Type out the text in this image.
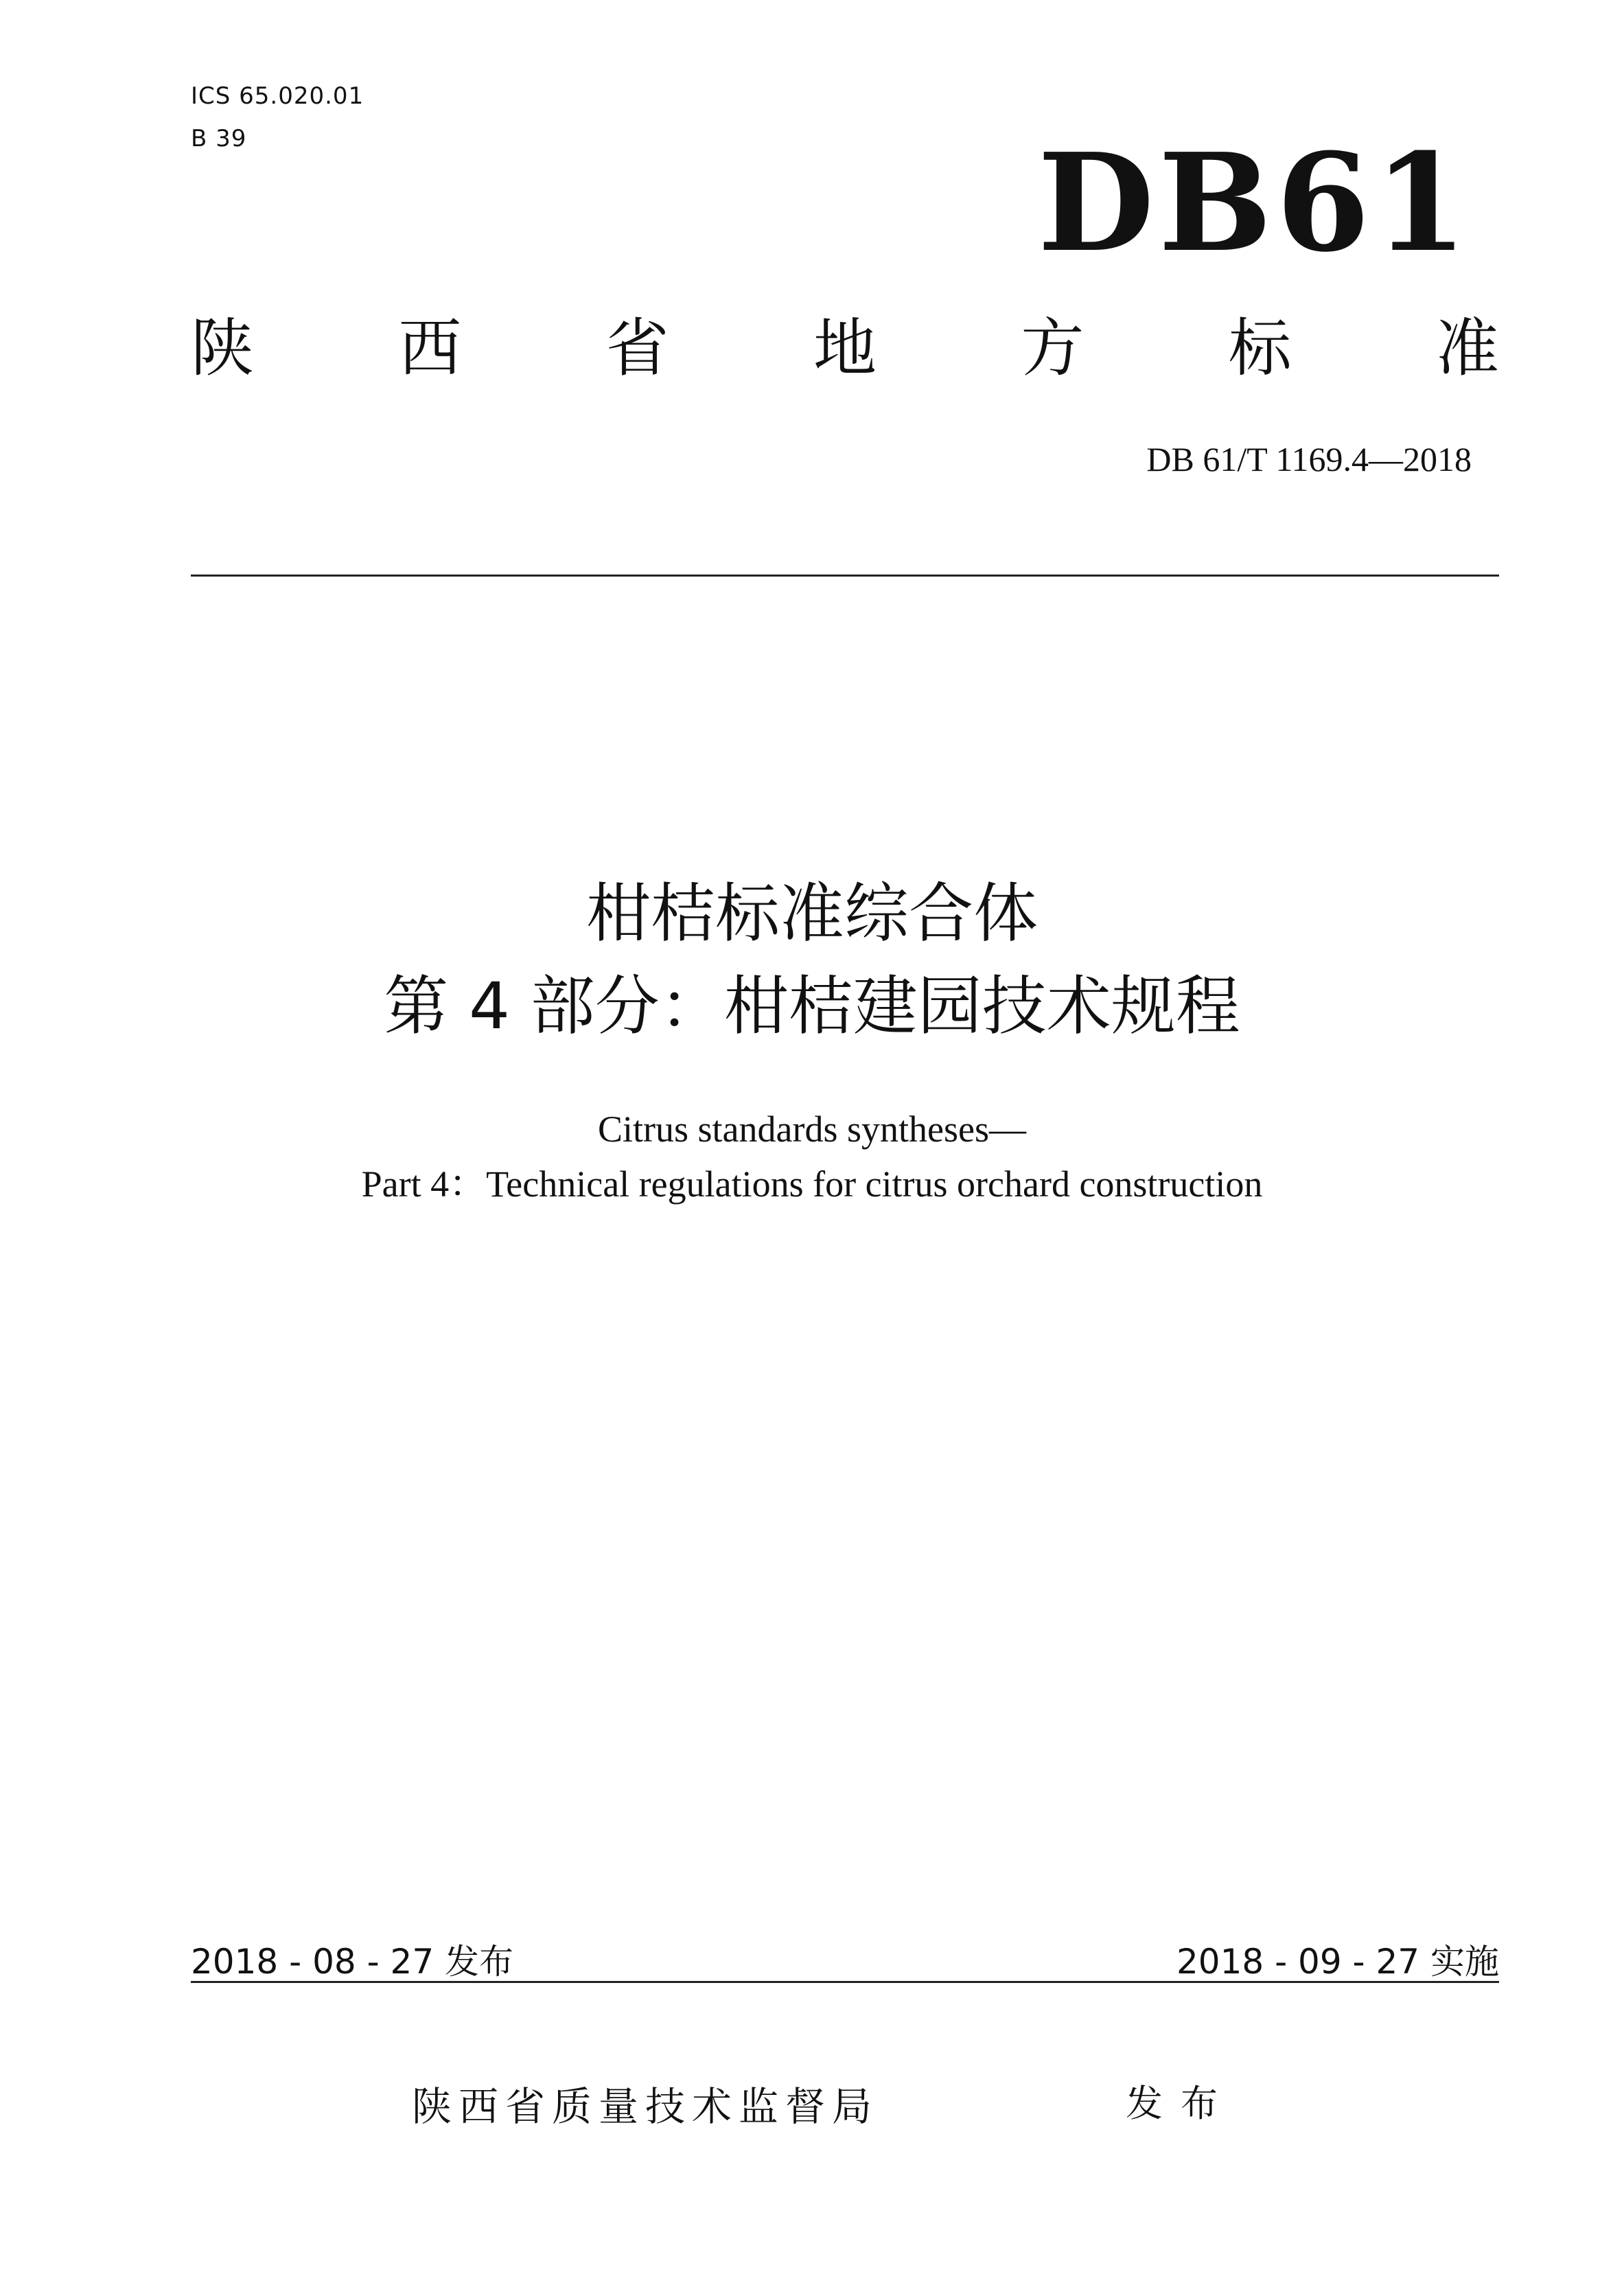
ICS 65.020.01
B 39	DB61
陕 西 省 地 方 标 准
DB 61/T 1169.4—2018
柑桔标准综合体
第 4 部分：柑桔建园技术规程
Citrus standards syntheses—
Part 4：Technical regulations for citrus orchard construction
2018 - 08 - 27 发布	2018 - 09 - 27 实施
陕西省质量技术监督局	发布
